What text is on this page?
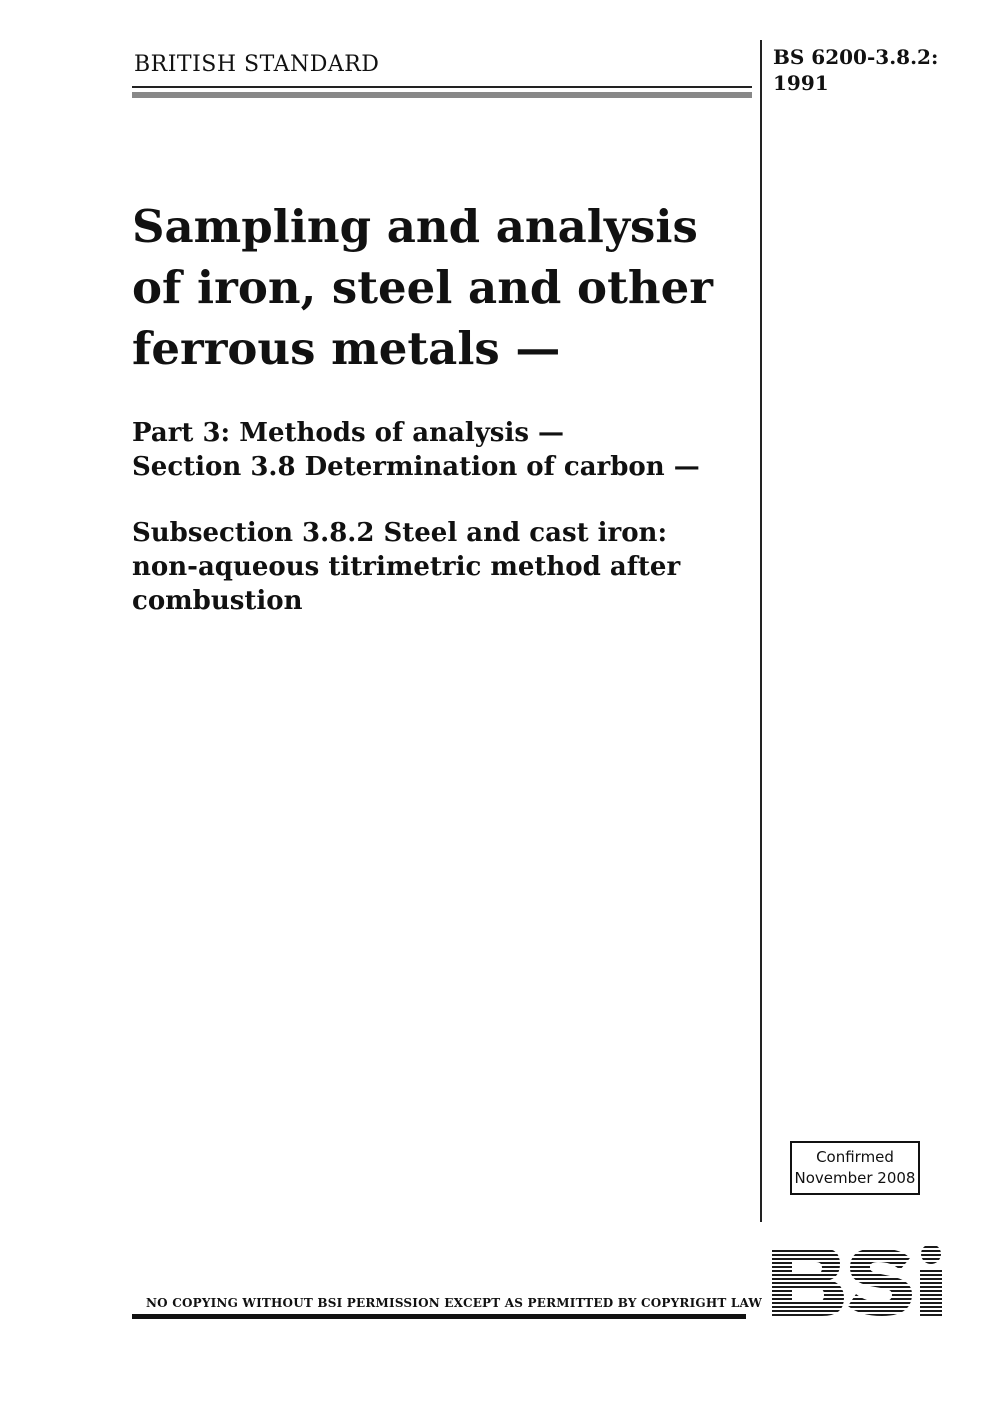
BRITISH STANDARD	BS 6200-3.8.2:
1991
Sampling and analysis
of iron, steel and other
ferrous metals —
Part 3: Methods of analysis —
Section 3.8 Determination of carbon —
Subsection 3.8.2 Steel and cast iron:
non-aqueous titrimetric method after
combustion
Confirmed
November 2008
NO COPYING WITHOUT BSI PERMISSION EXCEPT AS PERMITTED BY COPYRIGHT LAW
BSi
